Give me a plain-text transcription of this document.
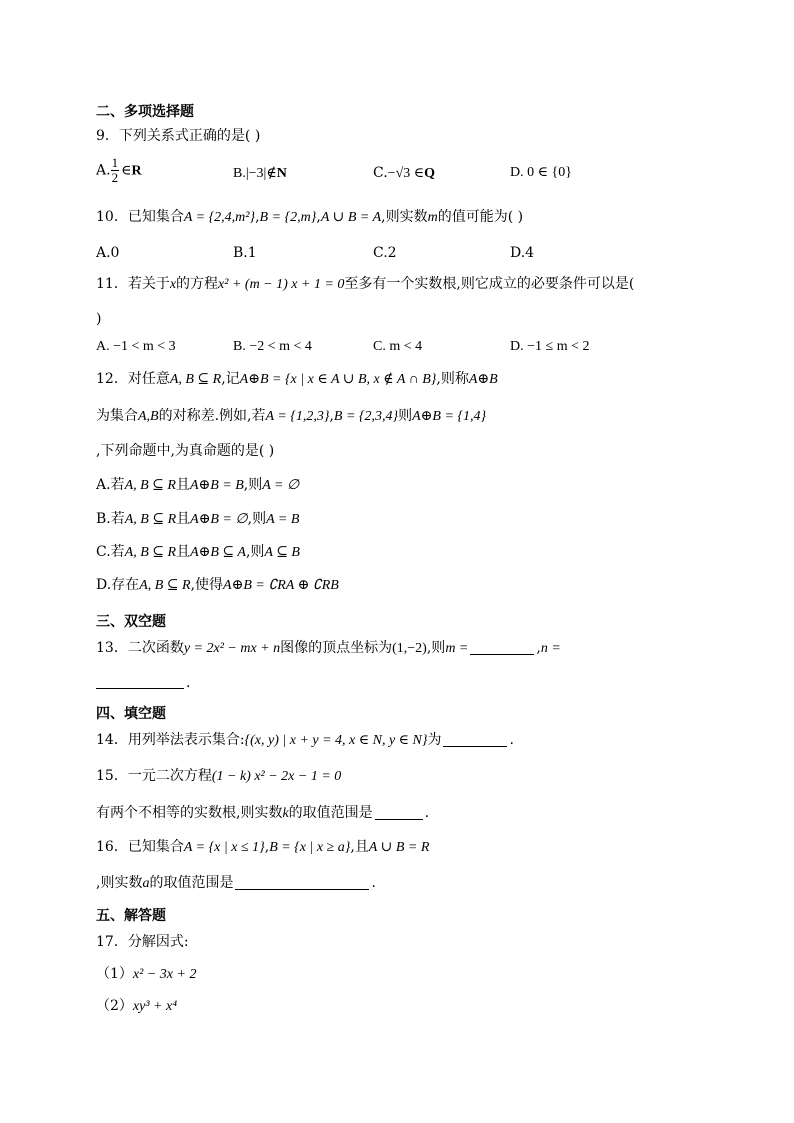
二、多项选择题
9．下列关系式正确的是( )
A. $\frac{1}{2}$ ∈R	B.|−3|∉N	C.−√3 ∈Q	D. 0 ∈ {0}
10．已知集合A = {2,4,m²},B = {2,m},A ∪ B = A,则实数m的值可能为( )
A.0	B.1	C.2	D.4
11．若关于x的方程x² + (m − 1) x + 1 = 0至多有一个实数根,则它成立的必要条件可以是(
)
A. −1 < m < 3	B. −2 < m < 4	C. m < 4	D. −1 ≤ m < 2
12．对任意A, B ⊆ R,记A⊕B = {x | x ∈ A ∪ B, x ∉ A ∩ B},则称A⊕B
为集合A,B的对称差.例如,若A = {1,2,3},B = {2,3,4}则A⊕B = {1,4}
,下列命题中,为真命题的是( )
A.若A, B ⊆ R且A⊕B = B,则A = ∅
B.若A, B ⊆ R且A⊕B = ∅,则A = B
C.若A, B ⊆ R且A⊕B ⊆ A,则A ⊆ B
D.存在A, B ⊆ R,使得A⊕B = ∁RA ⊕ ∁RB
三、双空题
13．二次函数y = 2x² − mx + n图像的顶点坐标为(1,−2),则m =	,n =
.
四、填空题
14．用列举法表示集合:{(x, y) | x + y = 4, x ∈ N, y ∈ N}为	.
15．一元二次方程(1 − k) x² − 2x − 1 = 0
有两个不相等的实数根,则实数k的取值范围是	.
16．已知集合A = {x | x ≤ 1},B = {x | x ≥ a},且A ∪ B = R
,则实数a的取值范围是	.
五、解答题
17．分解因式:
（1）x² − 3x + 2
（2）xy³ + x⁴
